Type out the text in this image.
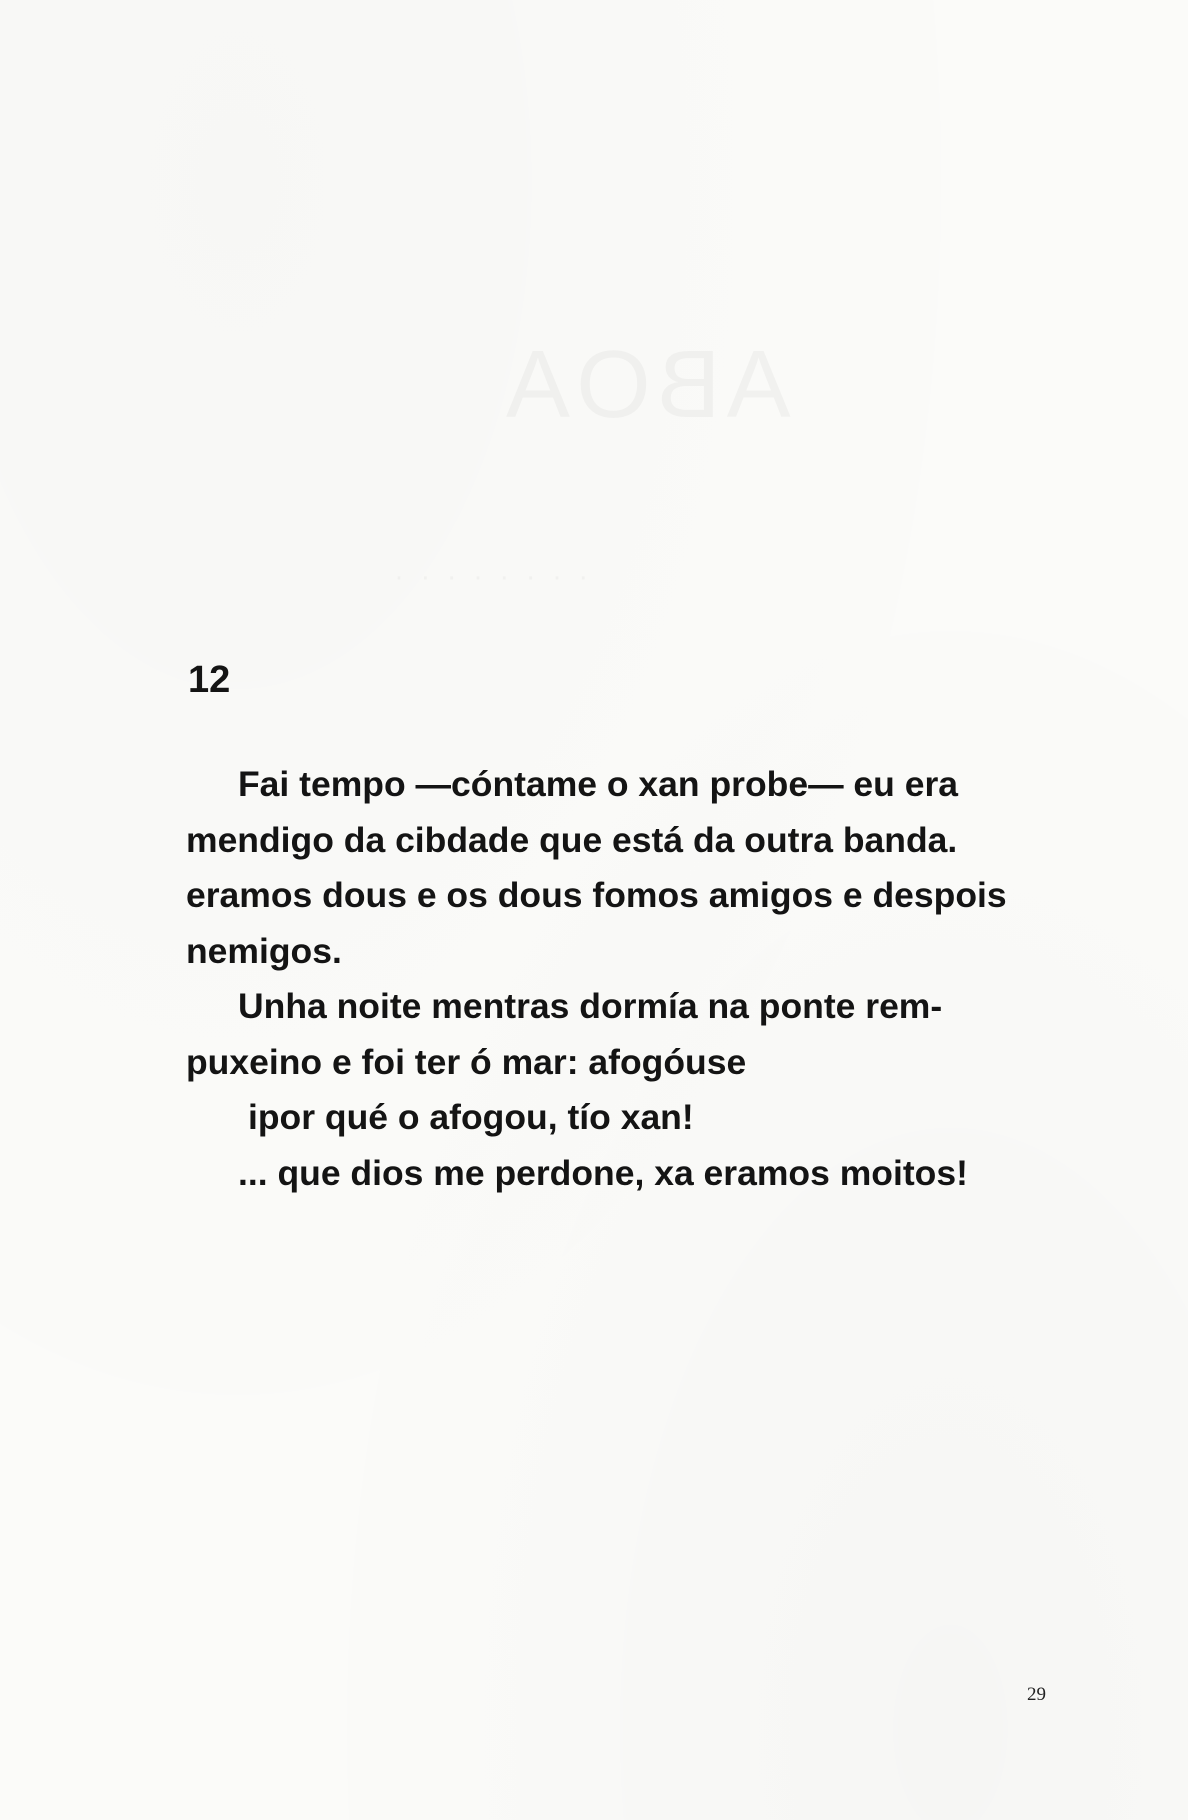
12
Fai tempo —cóntame o xan probe— eu era
mendigo da cibdade que está da outra banda.
eramos dous e os dous fomos amigos e despois
nemigos.
Unha noite mentras dormía na ponte rem-
puxeino e foi ter ó mar: afogóuse
ipor qué o afogou, tío xan!
... que dios me perdone, xa eramos moitos!
29
